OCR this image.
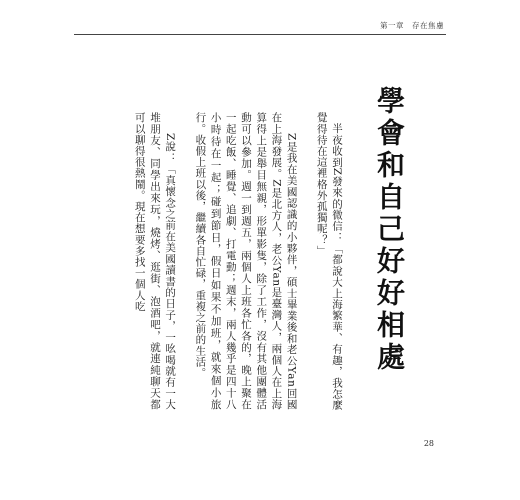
第一章 存在焦慮
學會和自己好好相處

半夜收到Z發來的微信：「都說大上海繁華、有趣，我怎麼覺得待在這裡格外孤獨呢？」

Z是我在美國認識的小夥伴，碩士畢業後和老公Yan回國在上海發展。Z是北方人，老公Yan是臺灣人，兩個人在上海算得上是舉目無親，形單影隻，除了工作，沒有其他團體活動可以參加。週一到週五，兩個人上班各忙各的，晚上聚在一起吃飯、睡覺、追劇、打電動；週末，兩人幾乎是四十八小時待在一起；碰到節日，假日如果不加班，就來個小旅行。收假上班以後，繼續各自忙碌，重複之前的生活。

Z說：「真懷念之前在美國讀書的日子，一吆喝就有一大堆朋友、同學出來玩，燒烤、逛街、泡酒吧，就連純聊天都可以聊得很熱鬧。現在想要多找一個人吃

28
